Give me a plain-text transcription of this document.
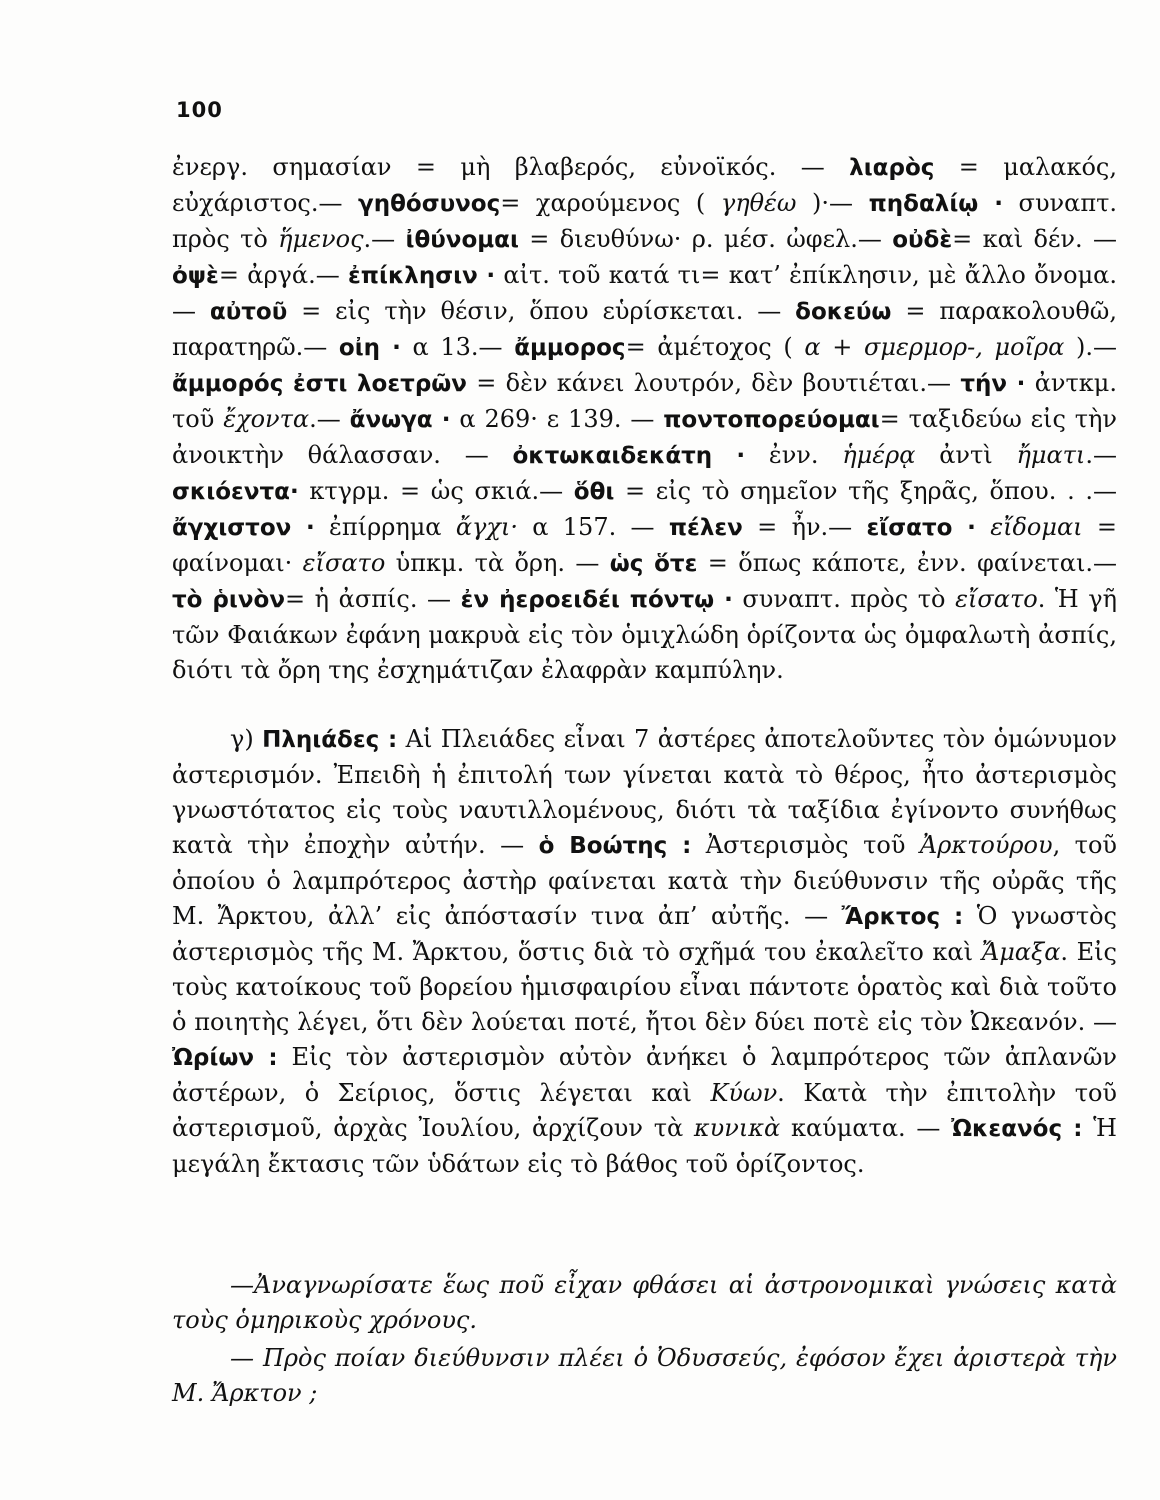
100

ἐνεργ. σημασίαν = μὴ βλαβερός, εὐνοϊκός. — λιαρὸς = μαλακός, εὐχάριστος.— γηθόσυνος= χαρούμενος ( γηθέω )·— πηδαλίῳ · συναπτ. πρὸς τὸ ἥμενος.— ἰθύνομαι = διευθύνω· ρ. μέσ. ὠφελ.— οὐδὲ= καὶ δέν. — ὀψὲ= ἀργά.— ἐπίκλησιν · αἰτ. τοῦ κατά τι= κατ’ ἐπίκλησιν, μὲ ἄλλο ὄνομα. — αὐτοῦ = εἰς τὴν θέσιν, ὅπου εὑρίσκεται. — δοκεύω = παρακολουθῶ, παρατηρῶ.— οἰη · α 13.— ἄμμορος= ἀμέτοχος ( α + σμερμορ-, μοῖρα ).— ἄμμορός ἐστι λοετρῶν = δὲν κάνει λουτρόν, δὲν βουτιέται.— τήν · ἀντκμ. τοῦ ἔχοντα.— ἄνωγα · α 269· ε 139. — ποντοπορεύομαι= ταξιδεύω εἰς τὴν ἀνοικτὴν θάλασσαν. — ὀκτωκαιδεκάτη · ἐνν. ἡμέρᾳ ἀντὶ ἤματι.— σκιόεντα· κτγρμ. = ὡς σκιά.— ὅθι = εἰς τὸ σημεῖον τῆς ξηρᾶς, ὅπου. . .— ἄγχιστον · ἐπίρρημα ἄγχι· α 157. — πέλεν = ἦν.— εἴσατο · εἴδομαι = φαίνομαι· εἴσατο ὑπκμ. τὰ ὄρη. — ὡς ὅτε = ὅπως κάποτε, ἐνν. φαίνεται.— τὸ ῥινὸν= ἡ ἀσπίς. — ἐν ἠεροειδέι πόντῳ · συναπτ. πρὸς τὸ εἴσατο. Ἡ γῆ τῶν Φαιάκων ἐφάνη μακρυὰ εἰς τὸν ὁμιχλώδη ὁρίζοντα ὡς ὀμφαλωτὴ ἀσπίς, διότι τὰ ὄρη της ἐσχημάτιζαν ἐλαφρὰν καμπύλην.

γ) Πληιάδες : Αἱ Πλειάδες εἶναι 7 ἀστέρες ἀποτελοῦντες τὸν ὁμώνυμον ἀστερισμόν. Ἐπειδὴ ἡ ἐπιτολή των γίνεται κατὰ τὸ θέρος, ἦτο ἀστερισμὸς γνωστότατος εἰς τοὺς ναυτιλλομένους, διότι τὰ ταξίδια ἐγίνοντο συνήθως κατὰ τὴν ἐποχὴν αὐτήν. — ὁ Βοώτης : Ἀστερισμὸς τοῦ Ἀρκτούρου, τοῦ ὁποίου ὁ λαμπρότερος ἀστὴρ φαίνεται κατὰ τὴν διεύθυνσιν τῆς οὐρᾶς τῆς Μ. Ἄρκτου, ἀλλ’ εἰς ἀπόστασίν τινα ἀπ’ αὐτῆς. — Ἄρκτος : Ὁ γνωστὸς ἀστερισμὸς τῆς Μ. Ἄρκτου, ὅστις διὰ τὸ σχῆμά του ἐκαλεῖτο καὶ Ἄμαξα. Εἰς τοὺς κατοίκους τοῦ βορείου ἡμισφαιρίου εἶναι πάντοτε ὁρατὸς καὶ διὰ τοῦτο ὁ ποιητὴς λέγει, ὅτι δὲν λούεται ποτέ, ἤτοι δὲν δύει ποτὲ εἰς τὸν Ὠκεανόν. —Ὠρίων : Εἰς τὸν ἀστερισμὸν αὐτὸν ἀνήκει ὁ λαμπρότερος τῶν ἀπλανῶν ἀστέρων, ὁ Σείριος, ὅστις λέγεται καὶ Κύων. Κατὰ τὴν ἐπιτολὴν τοῦ ἀστερισμοῦ, ἀρχὰς Ἰουλίου, ἀρχίζουν τὰ κυνικὰ καύματα. — Ὠκεανός : Ἡ μεγάλη ἔκτασις τῶν ὑδάτων εἰς τὸ βάθος τοῦ ὁρίζοντος.

—Ἀναγνωρίσατε ἕως ποῦ εἶχαν φθάσει αἱ ἀστρονομικαὶ γνώσεις κατὰ τοὺς ὁμηρικοὺς χρόνους.

— Πρὸς ποίαν διεύθυνσιν πλέει ὁ Ὀδυσσεύς, ἐφόσον ἔχει ἀριστερὰ τὴν Μ. Ἄρκτον ;
